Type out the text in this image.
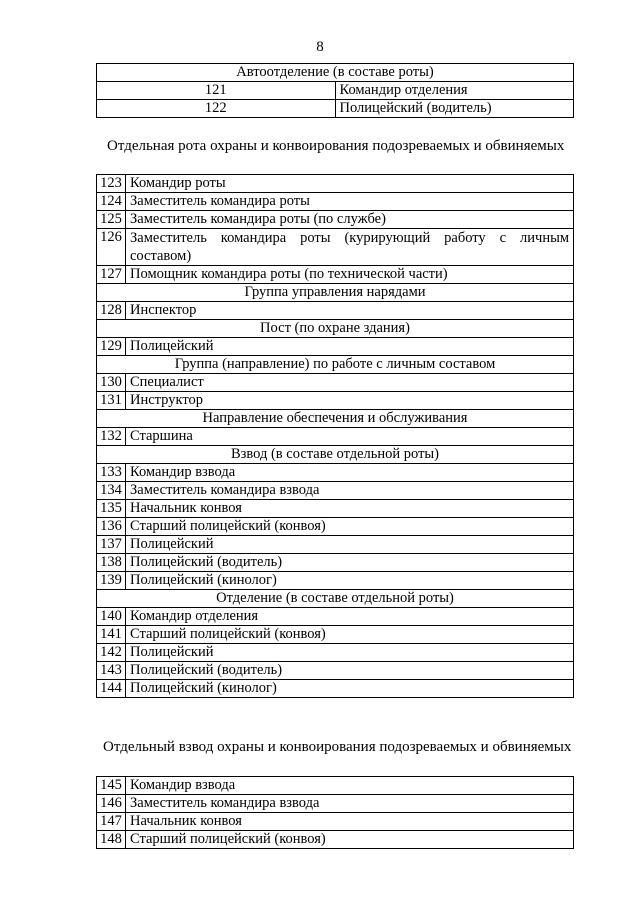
8
Автоотделение (в составе роты)	
121	Командир отделения
122	Полицейский (водитель)
Отдельная рота охраны и конвоирования подозреваемых и обвиняемых
123	Командир роты
124	Заместитель командира роты
125	Заместитель командира роты (по службе)
126	Заместитель командира роты (курирующий работу с личным составом)
127	Помощник командира роты (по технической части)
Группа управления нарядами	
128	Инспектор
Пост (по охране здания)	
129	Полицейский
Группа (направление) по работе с личным составом	
130	Специалист
131	Инструктор
Направление обеспечения и обслуживания	
132	Старшина
Взвод (в составе отдельной роты)	
133	Командир взвода
134	Заместитель командира взвода
135	Начальник конвоя
136	Старший полицейский (конвоя)
137	Полицейский
138	Полицейский (водитель)
139	Полицейский (кинолог)
Отделение (в составе отдельной роты)	
140	Командир отделения
141	Старший полицейский (конвоя)
142	Полицейский
143	Полицейский (водитель)
144	Полицейский (кинолог)
Отдельный взвод охраны и конвоирования подозреваемых и обвиняемых
145	Командир взвода
146	Заместитель командира взвода
147	Начальник конвоя
148	Старший полицейский (конвоя)
